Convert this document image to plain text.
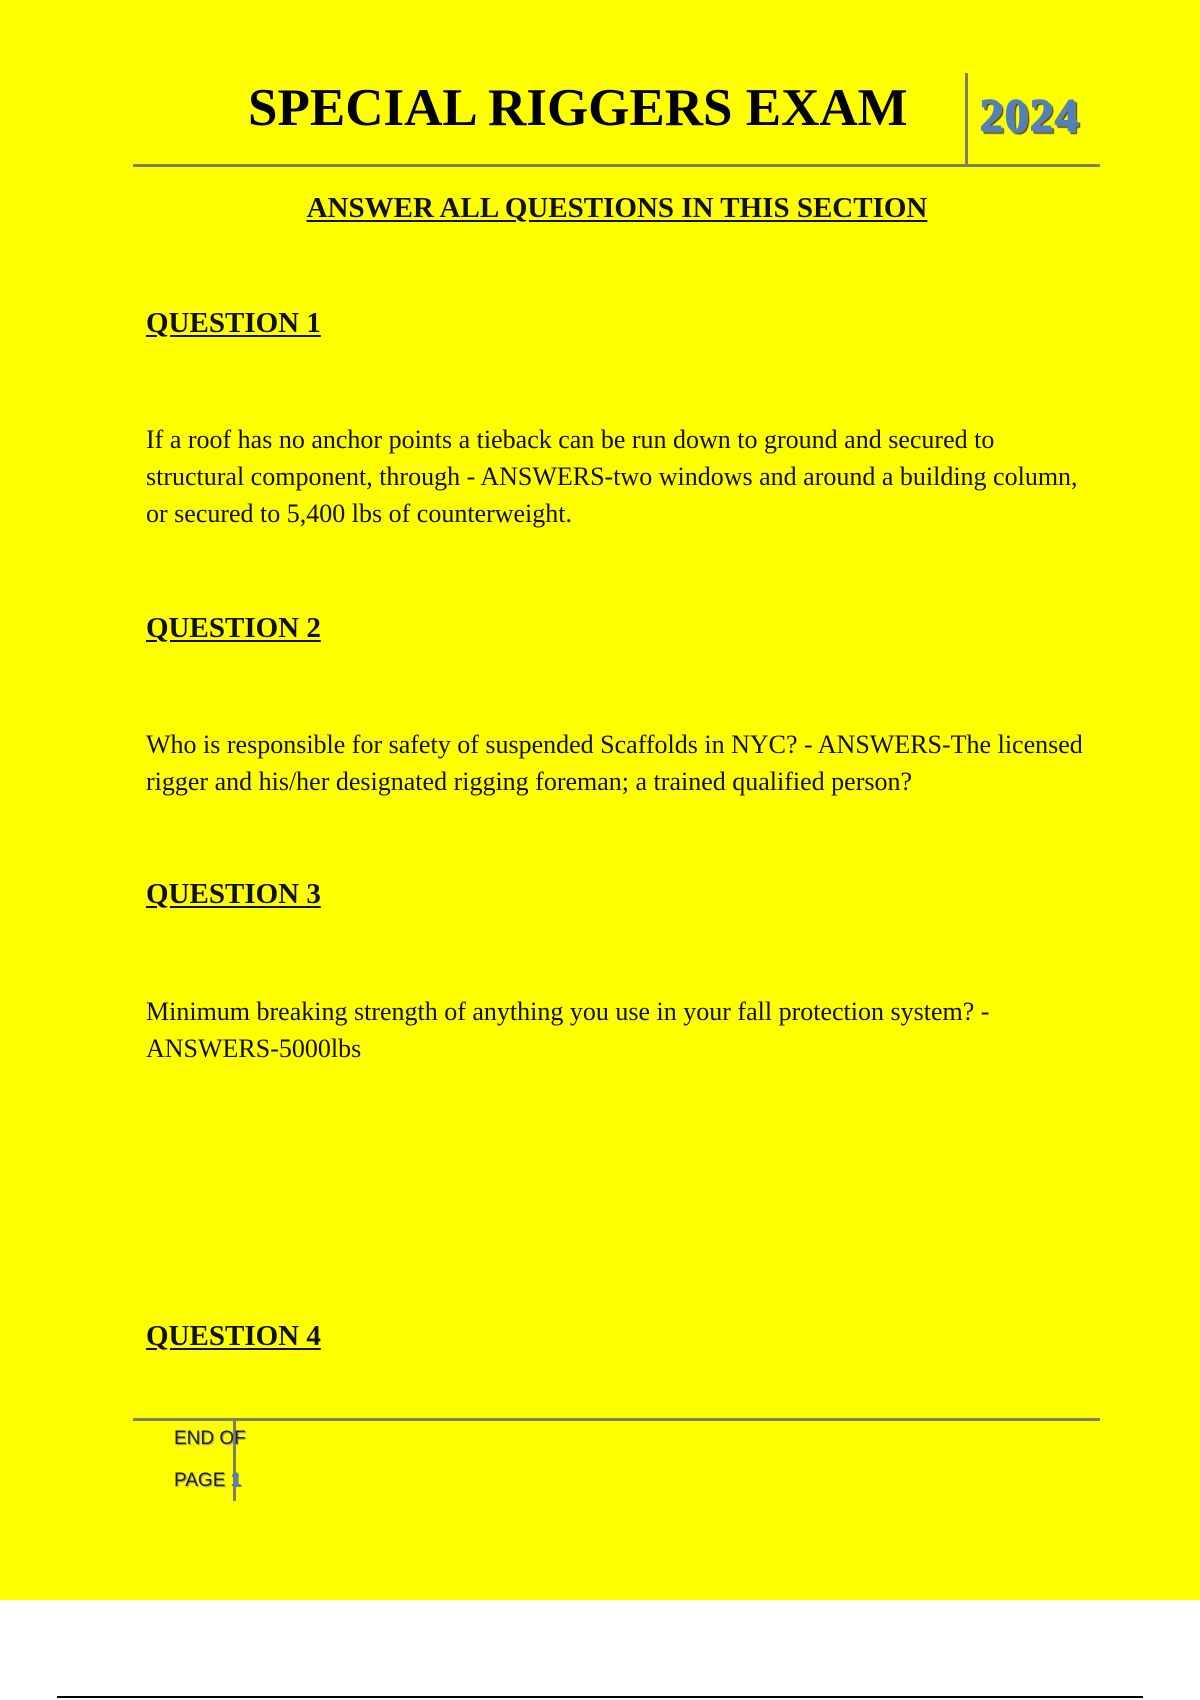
SPECIAL RIGGERS EXAM	2024
ANSWER ALL QUESTIONS IN THIS SECTION
QUESTION 1
If a roof has no anchor points a tieback can be run down to ground and secured to structural component, through - ANSWERS-two windows and around a building column, or secured to 5,400 lbs of counterweight.
QUESTION 2
Who is responsible for safety of suspended Scaffolds in NYC? - ANSWERS-The licensed rigger and his/her designated rigging foreman; a trained qualified person?
QUESTION 3
Minimum breaking strength of anything you use in your fall protection system? - ANSWERS-5000lbs
QUESTION 4
END OF
PAGE 1
